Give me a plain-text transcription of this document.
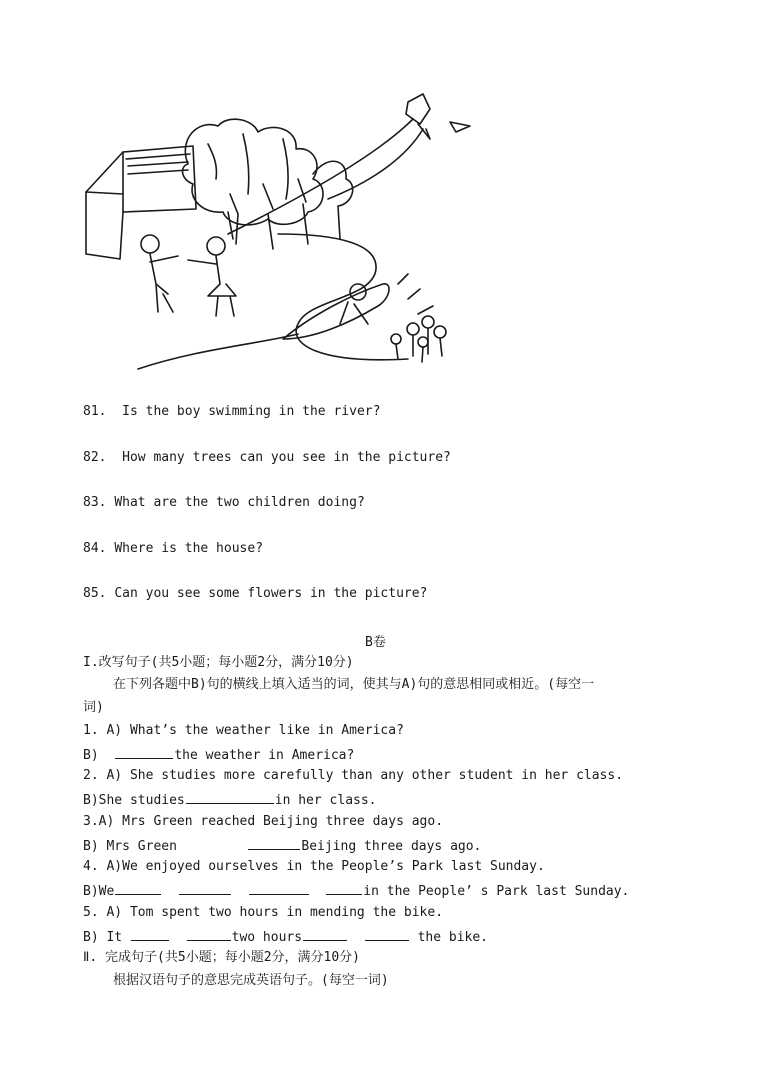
81. Is the boy swimming in the river?
82. How many trees can you see in the picture?
83. What are the two children doing?
84. Where is the house?
85. Can you see some flowers in the picture?
B卷
I.改写句子(共5小题；每小题2分，满分10分)
在下列各题中B)句的横线上填入适当的词，使其与A)句的意思相同或相近。(每空一
词)
1. A) What’s the weather like in America?
B)	the weather in America?
2. A) She studies more carefully than any other student in her class.
B)She studies	in her class.
3.A) Mrs Green reached Beijing three days ago.
B) Mrs Green	Beijing three days ago.
4. A)We enjoyed ourselves in the People’s Park last Sunday.
B)We	in the People’ s Park last Sunday.
5. A) Tom spent two hours in mending the bike.
B) It	two hours	the bike.
Ⅱ. 完成句子(共5小题；每小题2分，满分10分)
根据汉语句子的意思完成英语句子。(每空一词)
